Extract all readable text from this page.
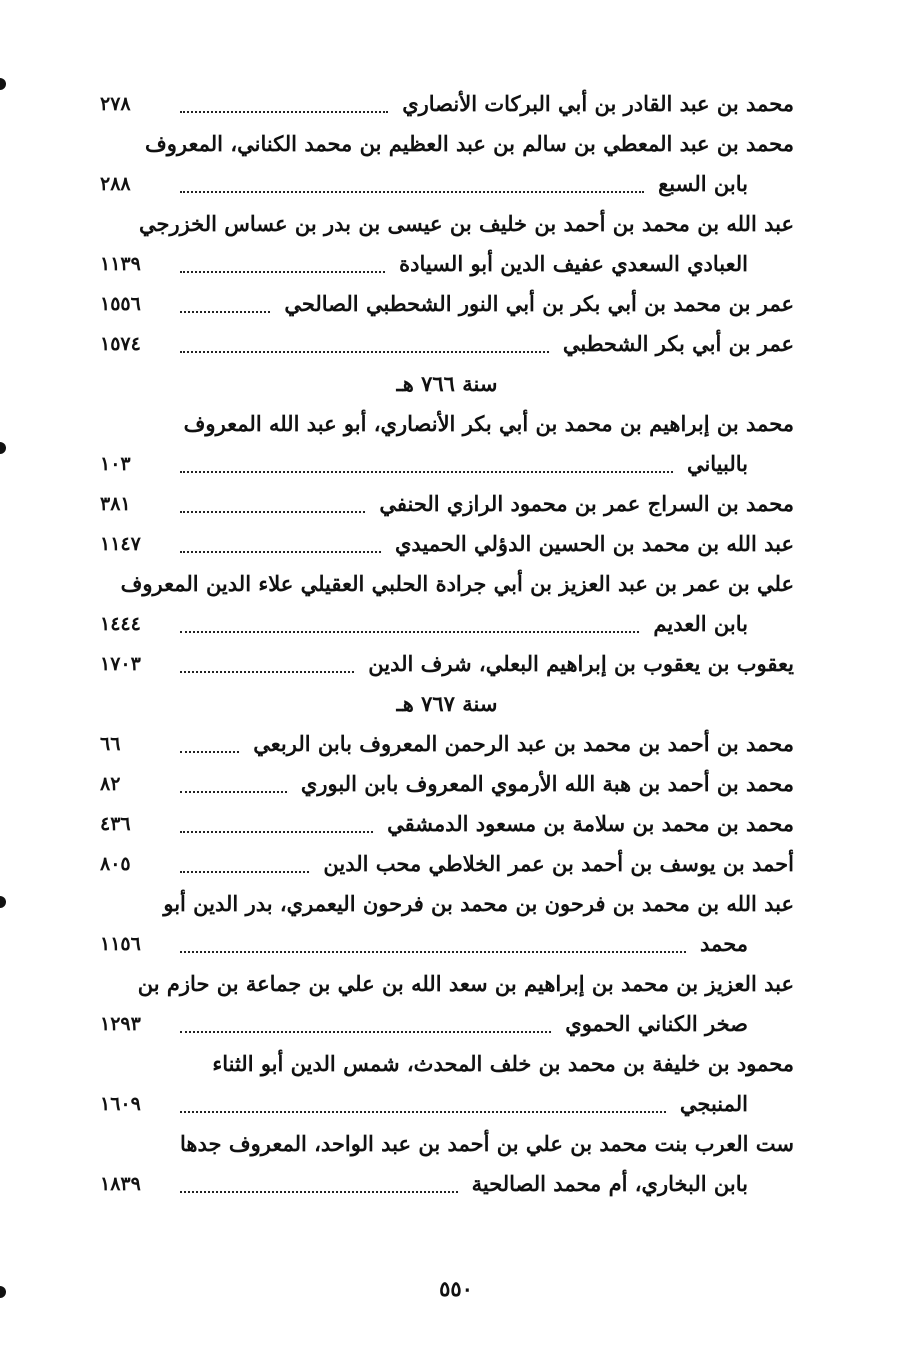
محمد بن عبد القادر بن أبي البركات الأنصاري
٢٧٨
محمد بن عبد المعطي بن سالم بن عبد العظيم بن محمد الكناني، المعروف
بابن السبع
٢٨٨
عبد الله بن محمد بن أحمد بن خليف بن عيسى بن بدر بن عساس الخزرجي
العبادي السعدي عفيف الدين أبو السيادة
١١٣٩
عمر بن محمد بن أبي بكر بن أبي النور الشحطبي الصالحي
١٥٥٦
عمر بن أبي بكر الشحطبي
١٥٧٤
سنة ٧٦٦ هـ
محمد بن إبراهيم بن محمد بن أبي بكر الأنصاري، أبو عبد الله المعروف
بالبياني
١٠٣
محمد بن السراج عمر بن محمود الرازي الحنفي
٣٨١
عبد الله بن محمد بن الحسين الدؤلي الحميدي
١١٤٧
علي بن عمر بن عبد العزيز بن أبي جرادة الحلبي العقيلي علاء الدين المعروف
بابن العديم
١٤٤٤
يعقوب بن يعقوب بن إبراهيم البعلي، شرف الدين
١٧٠٣
سنة ٧٦٧ هـ
محمد بن أحمد بن محمد بن عبد الرحمن المعروف بابن الربعي
٦٦
محمد بن أحمد بن هبة الله الأرموي المعروف بابن البوري
٨٢
محمد بن محمد بن سلامة بن مسعود الدمشقي
٤٣٦
أحمد بن يوسف بن أحمد بن عمر الخلاطي محب الدين
٨٠٥
عبد الله بن محمد بن فرحون بن محمد بن فرحون اليعمري، بدر الدين أبو
محمد
١١٥٦
عبد العزيز بن محمد بن إبراهيم بن سعد الله بن علي بن جماعة بن حازم بن
صخر الكناني الحموي
١٢٩٣
محمود بن خليفة بن محمد بن خلف المحدث، شمس الدين أبو الثناء
المنبجي
١٦٠٩
ست العرب بنت محمد بن علي بن أحمد بن عبد الواحد، المعروف جدها
بابن البخاري، أم محمد الصالحية
١٨٣٩
٥٥٠
